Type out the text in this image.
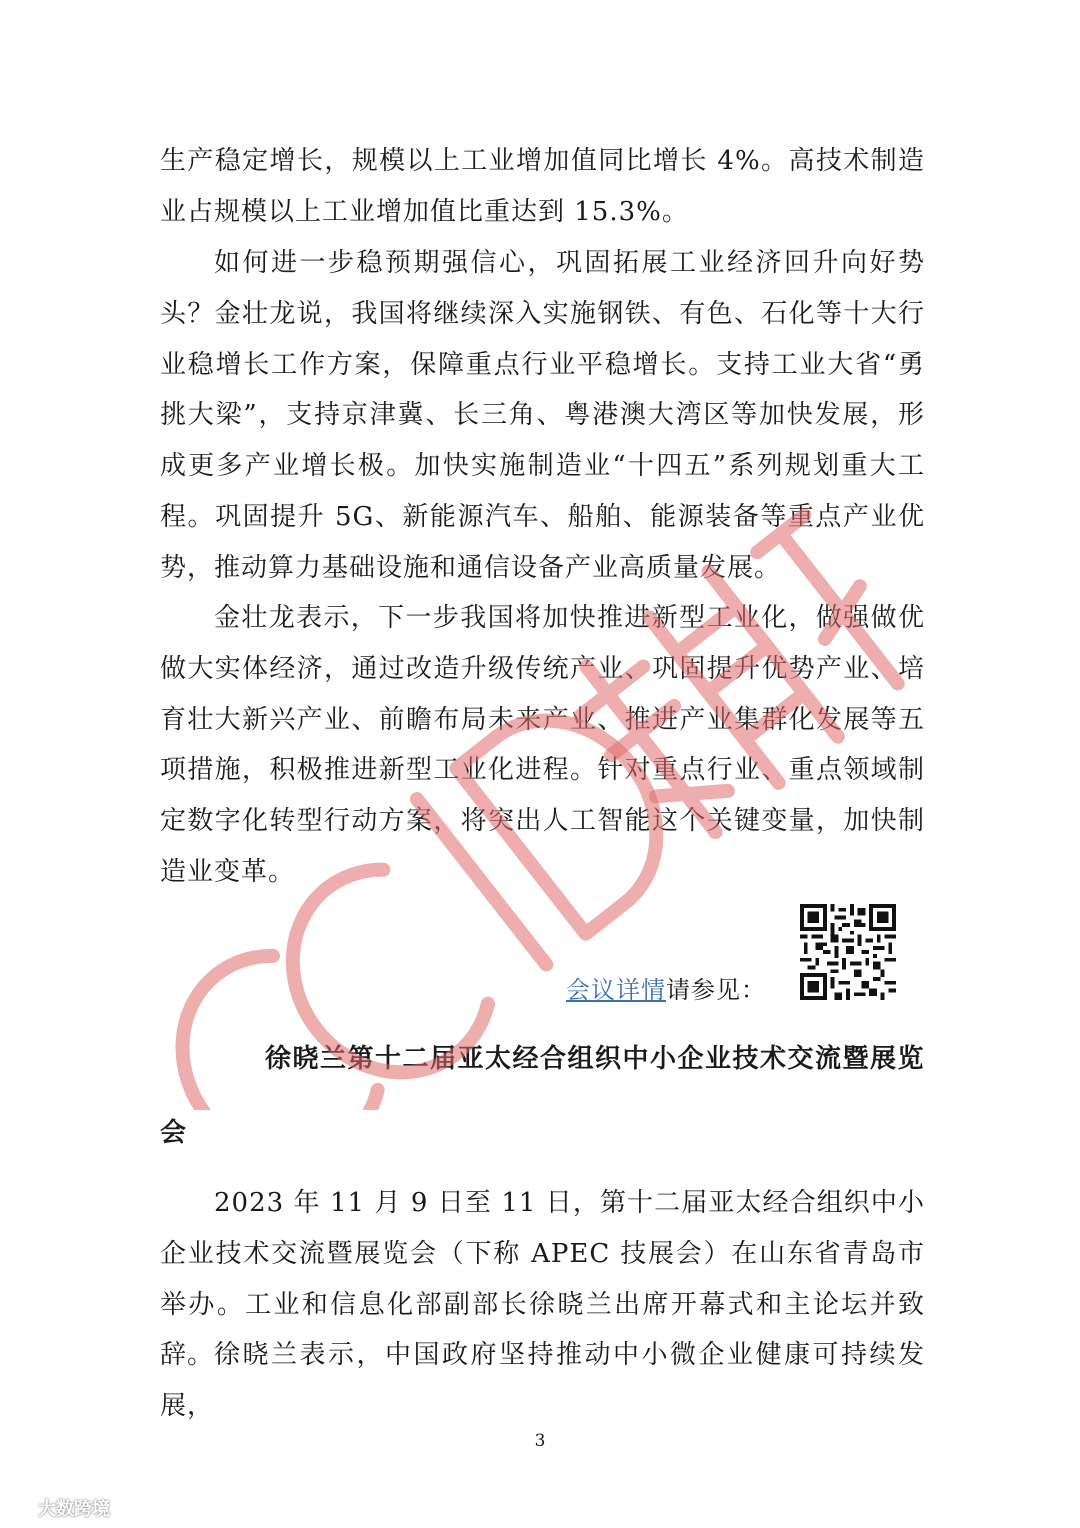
生产稳定增长，规模以上工业增加值同比增长 4%。高技术制造业占规模以上工业增加值比重达到 15.3%。

如何进一步稳预期强信心，巩固拓展工业经济回升向好势头？金壮龙说，我国将继续深入实施钢铁、有色、石化等十大行业稳增长工作方案，保障重点行业平稳增长。支持工业大省“勇挑大梁”，支持京津冀、长三角、粤港澳大湾区等加快发展，形成更多产业增长极。加快实施制造业“十四五”系列规划重大工程。巩固提升 5G、新能源汽车、船舶、能源装备等重点产业优势，推动算力基础设施和通信设备产业高质量发展。

金壮龙表示，下一步我国将加快推进新型工业化，做强做优做大实体经济，通过改造升级传统产业、巩固提升优势产业、培育壮大新兴产业、前瞻布局未来产业、推进产业集群化发展等五项措施，积极推进新型工业化进程。针对重点行业、重点领域制定数字化转型行动方案，将突出人工智能这个关键变量，加快制造业变革。

会议详情请参见：

徐晓兰第十二届亚太经合组织中小企业技术交流暨展览

会

2023 年 11 月 9 日至 11 日，第十二届亚太经合组织中小企业技术交流暨展览会（下称 APEC 技展会）在山东省青岛市举办。工业和信息化部副部长徐晓兰出席开幕式和主论坛并致辞。 徐晓兰表示，中国政府坚持推动中小微企业健康可持续发展，

3
大数跨境
